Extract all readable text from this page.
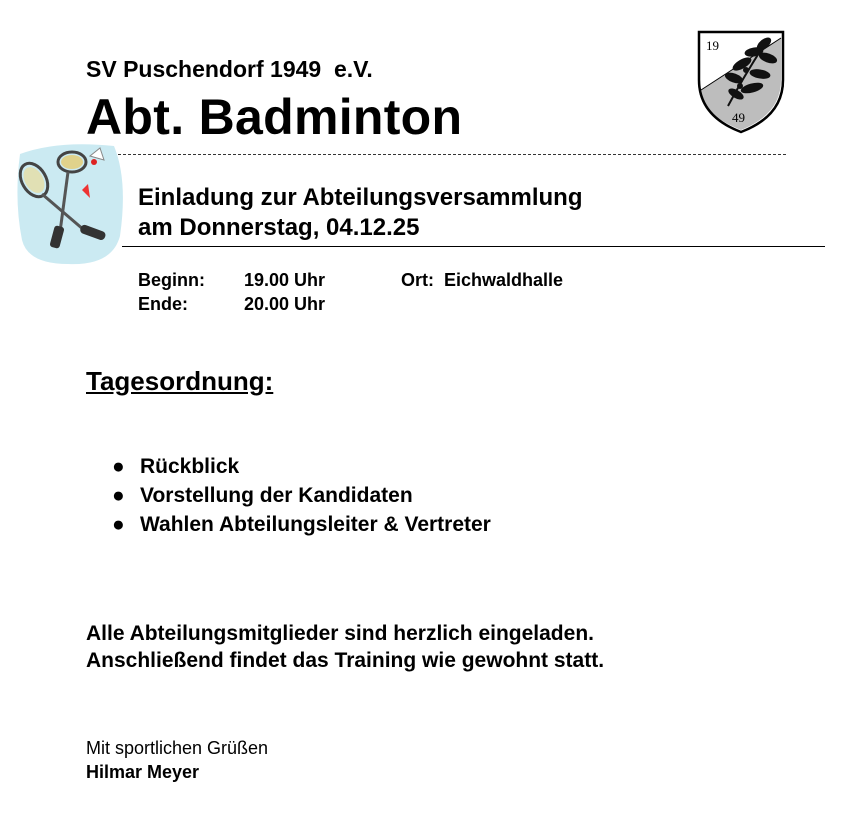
SV Puschendorf 1949  e.V.
Abt. Badminton
19
49
Einladung zur Abteilungsversammlung
am Donnerstag, 04.12.25
Beginn:
Ende:
19.00 Uhr
20.00 Uhr
Ort:  Eichwaldhalle
Tagesordnung:
● Rückblick
● Vorstellung der Kandidaten
● Wahlen Abteilungsleiter & Vertreter
Alle Abteilungsmitglieder sind herzlich eingeladen.
Anschließend findet das Training wie gewohnt statt.
Mit sportlichen Grüßen
Hilmar Meyer
